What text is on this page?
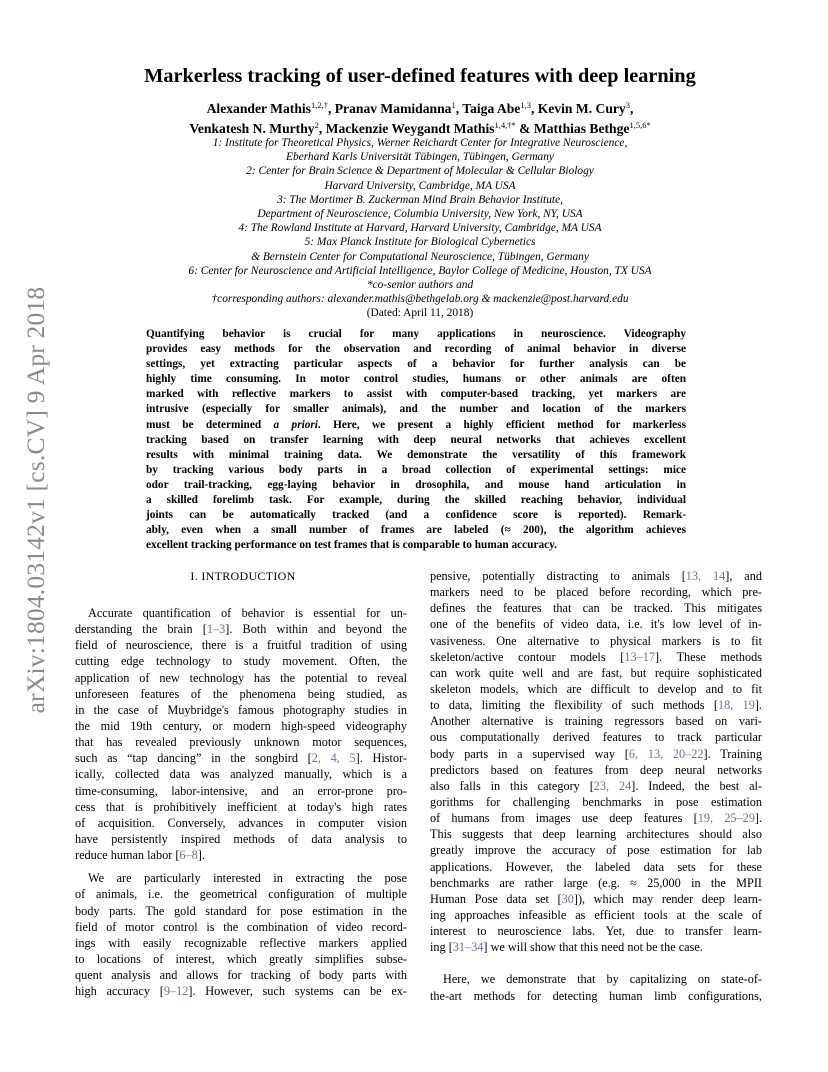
arXiv:1804.03142v1 [cs.CV] 9 Apr 2018
Markerless tracking of user-defined features with deep learning
Alexander Mathis$^{1,2,\dagger}$, Pranav Mamidanna$^1$, Taiga Abe$^{1,3}$, Kevin M. Cury$^3$,
Venkatesh N. Murthy$^2$, Mackenzie Weygandt Mathis$^{1,4,\dagger*}$ & Matthias Bethge$^{1,5,6*}$
1: Institute for Theoretical Physics, Werner Reichardt Center for Integrative Neuroscience,
Eberhard Karls Universität Tübingen, Tübingen, Germany
2: Center for Brain Science & Department of Molecular & Cellular Biology
Harvard University, Cambridge, MA USA
3: The Mortimer B. Zuckerman Mind Brain Behavior Institute,
Department of Neuroscience, Columbia University, New York, NY, USA
4: The Rowland Institute at Harvard, Harvard University, Cambridge, MA USA
5: Max Planck Institute for Biological Cybernetics
& Bernstein Center for Computational Neuroscience, Tübingen, Germany
6: Center for Neuroscience and Artificial Intelligence, Baylor College of Medicine, Houston, TX USA
*co-senior authors and
†corresponding authors: alexander.mathis@bethgelab.org & mackenzie@post.harvard.edu
(Dated: April 11, 2018)
Quantifying behavior is crucial for many applications in neuroscience. Videography
provides easy methods for the observation and recording of animal behavior in diverse
settings, yet extracting particular aspects of a behavior for further analysis can be
highly time consuming. In motor control studies, humans or other animals are often
marked with reflective markers to assist with computer-based tracking, yet markers are
intrusive (especially for smaller animals), and the number and location of the markers
must be determined a priori. Here, we present a highly efficient method for markerless
tracking based on transfer learning with deep neural networks that achieves excellent
results with minimal training data. We demonstrate the versatility of this framework
by tracking various body parts in a broad collection of experimental settings: mice
odor trail-tracking, egg-laying behavior in drosophila, and mouse hand articulation in
a skilled forelimb task. For example, during the skilled reaching behavior, individual
joints can be automatically tracked (and a confidence score is reported). Remark-
ably, even when a small number of frames are labeled (≈ 200), the algorithm achieves
excellent tracking performance on test frames that is comparable to human accuracy.
I. INTRODUCTION
Accurate quantification of behavior is essential for un-
derstanding the brain [1–3]. Both within and beyond the
field of neuroscience, there is a fruitful tradition of using
cutting edge technology to study movement. Often, the
application of new technology has the potential to reveal
unforeseen features of the phenomena being studied, as
in the case of Muybridge's famous photography studies in
the mid 19th century, or modern high-speed videography
that has revealed previously unknown motor sequences,
such as “tap dancing” in the songbird [2, 4, 5]. Histor-
ically, collected data was analyzed manually, which is a
time-consuming, labor-intensive, and an error-prone pro-
cess that is prohibitively inefficient at today's high rates
of acquisition. Conversely, advances in computer vision
have persistently inspired methods of data analysis to
reduce human labor [6–8].
We are particularly interested in extracting the pose
of animals, i.e. the geometrical configuration of multiple
body parts. The gold standard for pose estimation in the
field of motor control is the combination of video record-
ings with easily recognizable reflective markers applied
to locations of interest, which greatly simplifies subse-
quent analysis and allows for tracking of body parts with
high accuracy [9–12]. However, such systems can be ex-
pensive, potentially distracting to animals [13, 14], and
markers need to be placed before recording, which pre-
defines the features that can be tracked. This mitigates
one of the benefits of video data, i.e. it's low level of in-
vasiveness. One alternative to physical markers is to fit
skeleton/active contour models [13–17]. These methods
can work quite well and are fast, but require sophisticated
skeleton models, which are difficult to develop and to fit
to data, limiting the flexibility of such methods [18, 19].
Another alternative is training regressors based on vari-
ous computationally derived features to track particular
body parts in a supervised way [6, 13, 20–22]. Training
predictors based on features from deep neural networks
also falls in this category [23, 24]. Indeed, the best al-
gorithms for challenging benchmarks in pose estimation
of humans from images use deep features [19, 25–29].
This suggests that deep learning architectures should also
greatly improve the accuracy of pose estimation for lab
applications. However, the labeled data sets for these
benchmarks are rather large (e.g. ≈ 25,000 in the MPII
Human Pose data set [30]), which may render deep learn-
ing approaches infeasible as efficient tools at the scale of
interest to neuroscience labs. Yet, due to transfer learn-
ing [31–34] we will show that this need not be the case.
Here, we demonstrate that by capitalizing on state-of-
the-art methods for detecting human limb configurations,
